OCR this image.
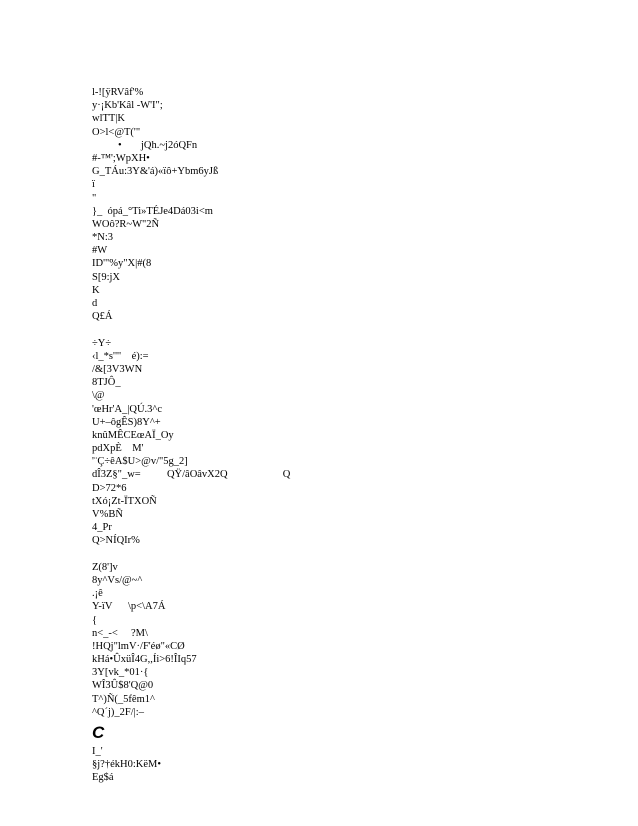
l-![ÿRVâf'%
y·¡Kb'Kâl -W'I";
wlTT|K
O>l<@T('"
• jQh.~j2óQFn
#-™';WpXH•
G_TÁu:3Y&'á)«ïô+Ybm6yJß
ï
"
}_  ópá_°Ti»TÉJe4Dá03i<m
WOô?R~W"2Ñ
*N:3
#W
ID'"%y"X|#(8
S[9:jX
K
d
Q£Á
÷Y÷
‹l_*s'"'    é):=
/&[3V3WN
8TJÔ_
\@
'œHr'A_|QÚ.3^c
U+–ôgÊS)8Y^+
knûMÊCEœAÏ_Oy
pdXpÈ    M'
'¨Ç÷êA$U>@v/"5g_2]
dÎ3Z§"_w=          QŸ/âOâvX2Q                     Q
D>72*6
tXó¡Zt-ÏTXOÑ
V%BÑ
4_Pr
Q>NÍQIr%
Z(8']v
8y^Vs/@~^
.¡ê
Y-ïV      \p<\A7Á
{
n<_-<     ?M\
!HQj"lmV·/F'éø"«CØ
kHá•ÛxüÎ4G,,Íi>6!ÎIq57
3Y[vk_*01·{
WÎ3Û$8'Q@0
T^)Ñ(_5fêm1^
^Q´j)_2F/|:–
C
I_'
§j?†ékH0:KëM•
Eg$á
